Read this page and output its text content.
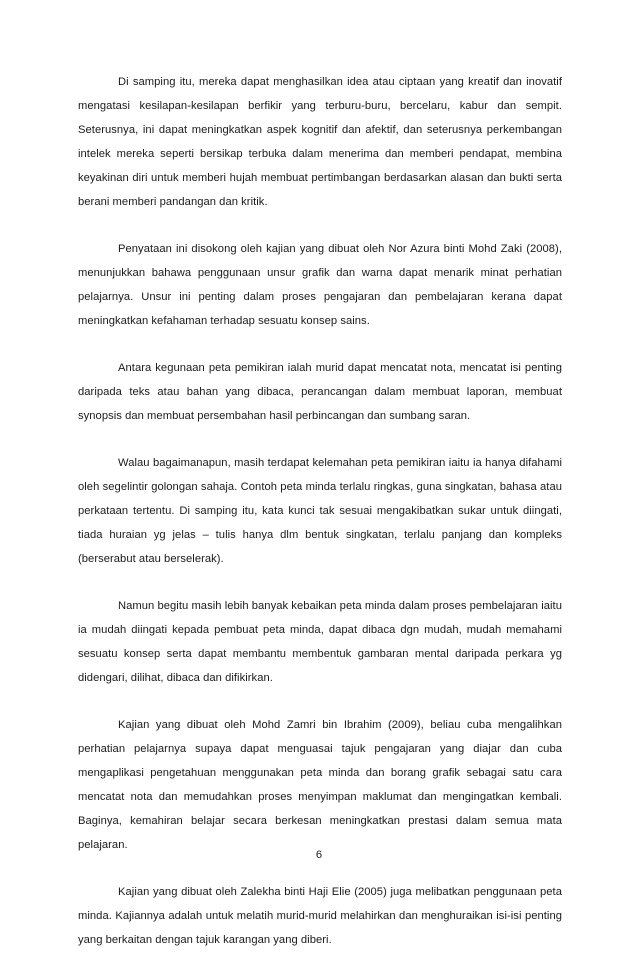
Di samping itu, mereka dapat menghasilkan idea atau ciptaan yang kreatif dan inovatif mengatasi kesilapan-kesilapan berfikir yang terburu-buru, bercelaru, kabur dan sempit. Seterusnya, ini dapat meningkatkan aspek kognitif dan afektif, dan seterusnya perkembangan intelek mereka seperti bersikap terbuka dalam menerima dan memberi pendapat, membina keyakinan diri untuk memberi hujah membuat pertimbangan berdasarkan alasan dan bukti serta berani memberi pandangan dan kritik.

Penyataan ini disokong oleh kajian yang dibuat oleh Nor Azura binti Mohd Zaki (2008), menunjukkan bahawa penggunaan unsur grafik dan warna dapat menarik minat perhatian pelajarnya. Unsur ini penting dalam proses pengajaran dan pembelajaran kerana dapat meningkatkan kefahaman terhadap sesuatu konsep sains.

Antara kegunaan peta pemikiran ialah murid dapat mencatat nota, mencatat isi penting daripada teks atau bahan yang dibaca, perancangan dalam membuat laporan, membuat synopsis dan membuat persembahan hasil perbincangan dan sumbang saran.

Walau bagaimanapun, masih terdapat kelemahan peta pemikiran iaitu ia hanya difahami oleh segelintir golongan sahaja. Contoh peta minda terlalu ringkas, guna singkatan, bahasa atau perkataan tertentu. Di samping itu, kata kunci tak sesuai mengakibatkan sukar untuk diingati, tiada huraian yg jelas – tulis hanya dlm bentuk singkatan, terlalu panjang dan kompleks (berserabut atau berselerak).

Namun begitu masih lebih banyak kebaikan peta minda dalam proses pembelajaran iaitu ia mudah diingati kepada pembuat peta minda, dapat dibaca dgn mudah, mudah memahami sesuatu konsep serta dapat membantu membentuk gambaran mental daripada perkara yg didengari, dilihat, dibaca dan difikirkan.

Kajian yang dibuat oleh Mohd Zamri bin Ibrahim (2009), beliau cuba mengalihkan perhatian pelajarnya supaya dapat menguasai tajuk pengajaran yang diajar dan cuba mengaplikasi pengetahuan menggunakan peta minda dan borang grafik sebagai satu cara mencatat nota dan memudahkan proses menyimpan maklumat dan mengingatkan kembali. Baginya, kemahiran belajar secara berkesan meningkatkan prestasi dalam semua mata pelajaran.

Kajian yang dibuat oleh Zalekha binti Haji Elie (2005) juga melibatkan penggunaan peta minda. Kajiannya adalah untuk melatih murid-murid melahirkan dan menghuraikan isi-isi penting yang berkaitan dengan tajuk karangan yang diberi.

6
